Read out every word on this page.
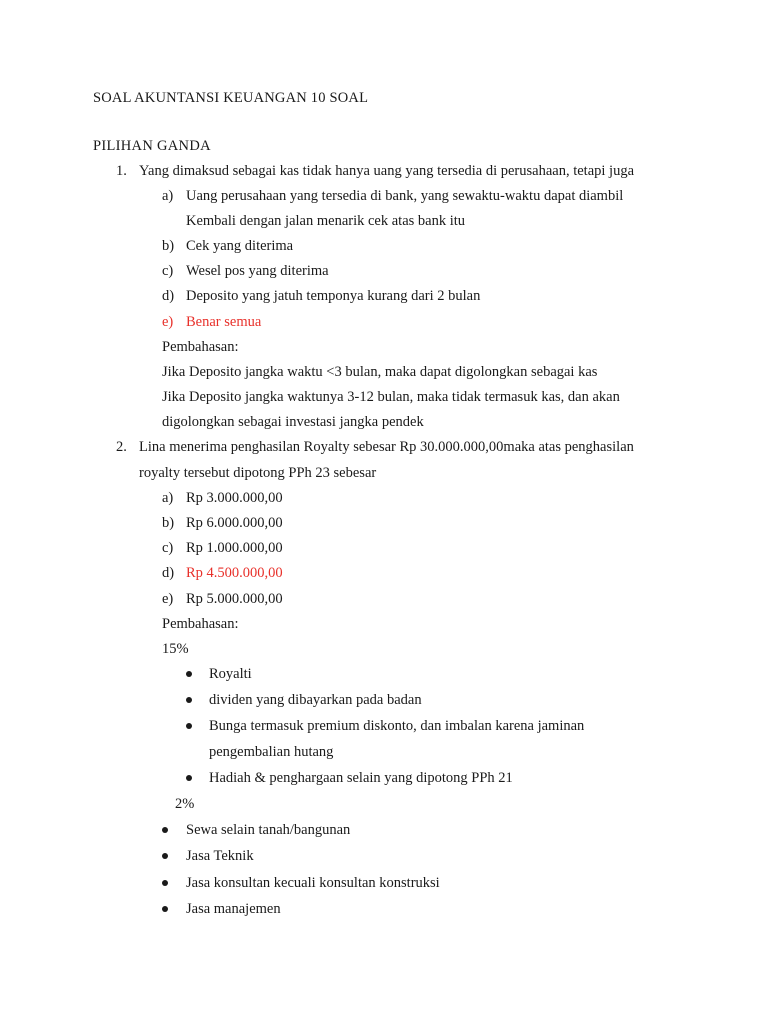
SOAL AKUNTANSI KEUANGAN 10 SOAL
PILIHAN GANDA
1. Yang dimaksud sebagai kas tidak hanya uang yang tersedia di perusahaan, tetapi juga
a) Uang perusahaan yang tersedia di bank, yang sewaktu-waktu dapat diambil
Kembali dengan jalan menarik cek atas bank itu
b) Cek yang diterima
c) Wesel pos yang diterima
d) Deposito yang jatuh temponya kurang dari 2 bulan
e) Benar semua
Pembahasan:
Jika Deposito jangka waktu <3 bulan, maka dapat digolongkan sebagai kas
Jika Deposito jangka waktunya 3-12 bulan, maka tidak termasuk kas, dan akan
digolongkan sebagai investasi jangka pendek
2. Lina menerima penghasilan Royalty sebesar Rp 30.000.000,00maka atas penghasilan
royalty tersebut dipotong PPh 23 sebesar
a) Rp 3.000.000,00
b) Rp 6.000.000,00
c) Rp 1.000.000,00
d) Rp 4.500.000,00
e) Rp 5.000.000,00
Pembahasan:
15%
Royalti
dividen yang dibayarkan pada badan
Bunga termasuk premium diskonto, dan imbalan karena jaminan
pengembalian hutang
Hadiah & penghargaan selain yang dipotong PPh 21
2%
Sewa selain tanah/bangunan
Jasa Teknik
Jasa konsultan kecuali konsultan konstruksi
Jasa manajemen
